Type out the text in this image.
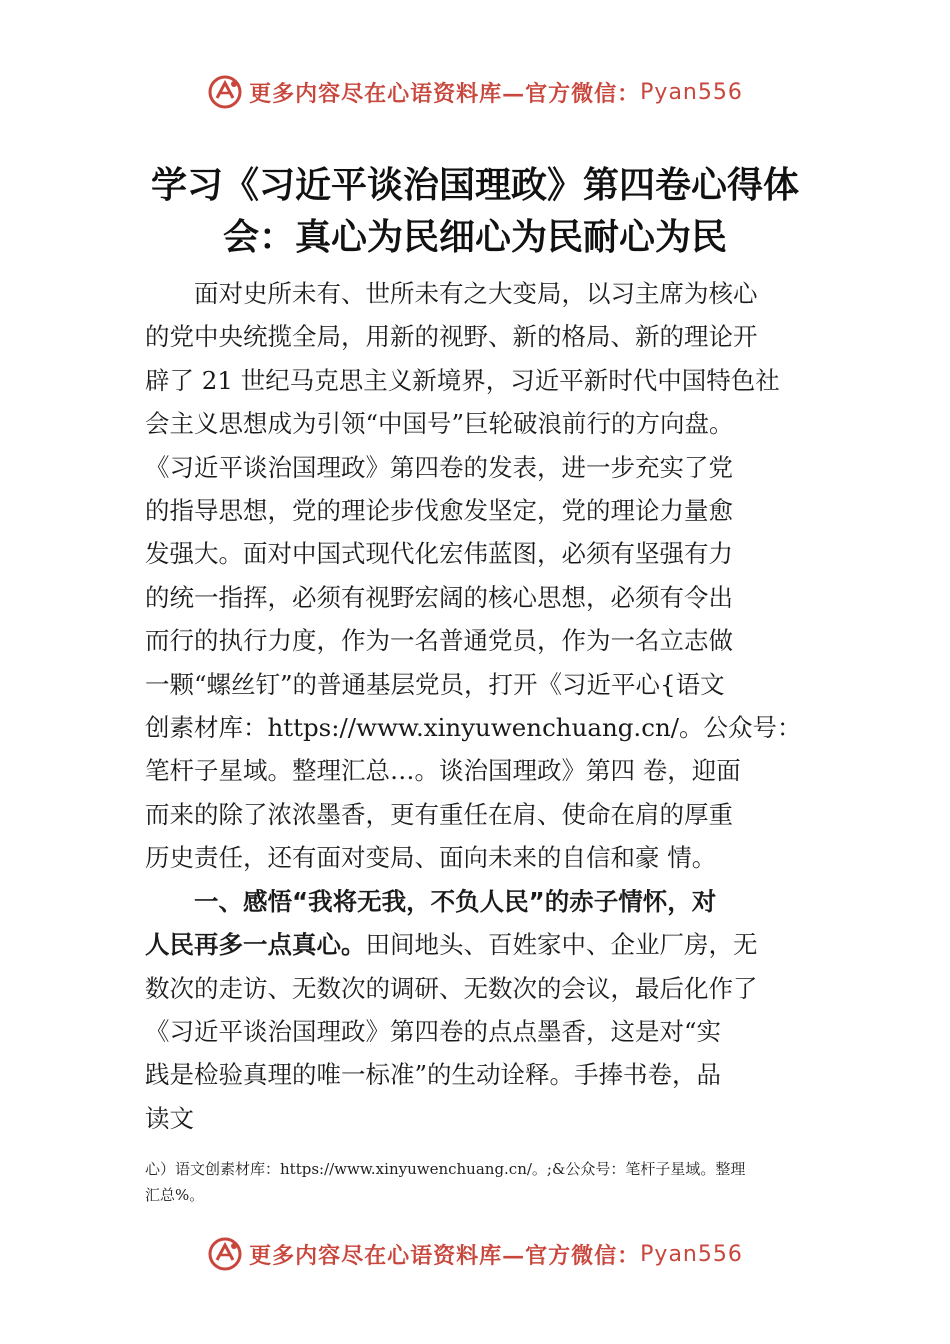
更多内容尽在心语资料库—官方微信： Pyan556
学习《习近平谈治国理政》第四卷心得体
会：真心为民细心为民耐心为民

面对史所未有、世所未有之大变局，以习主席为核心
的党中央统揽全局，用新的视野、新的格局、新的理论开
辟了 21 世纪马克思主义新境界，习近平新时代中国特色社
会主义思想成为引领“中国号”巨轮破浪前行的方向盘。
《习近平谈治国理政》第四卷的发表，进一步充实了党
的指导思想，党的理论步伐愈发坚定，党的理论力量愈
发强大。面对中国式现代化宏伟蓝图，必须有坚强有力
的统一指挥，必须有视野宏阔的核心思想，必须有令出
而行的执行力度，作为一名普通党员，作为一名立志做
一颗“螺丝钉”的普通基层党员，打开《习近平心{语文
创素材库：https://www.xinyuwenchuang.cn/。公众号：
笔杆子星域。整理汇总…。谈治国理政》第四 卷，迎面
而来的除了浓浓墨香，更有重任在肩、使命在肩的厚重
历史责任，还有面对变局、面向未来的自信和豪 情。

一、感悟“我将无我，不负人民”的赤子情怀，对
人民再多一点真心。田间地头、百姓家中、企业厂房，无
数次的走访、无数次的调研、无数次的会议，最后化作了
《习近平谈治国理政》第四卷的点点墨香，这是对“实
践是检验真理的唯一标准”的生动诠释。手捧书卷，品
读文

心）语文创素材库：https://www.xinyuwenchuang.cn/。;&公众号：笔杆子星域。整理
汇总%。
更多内容尽在心语资料库—官方微信： Pyan556
